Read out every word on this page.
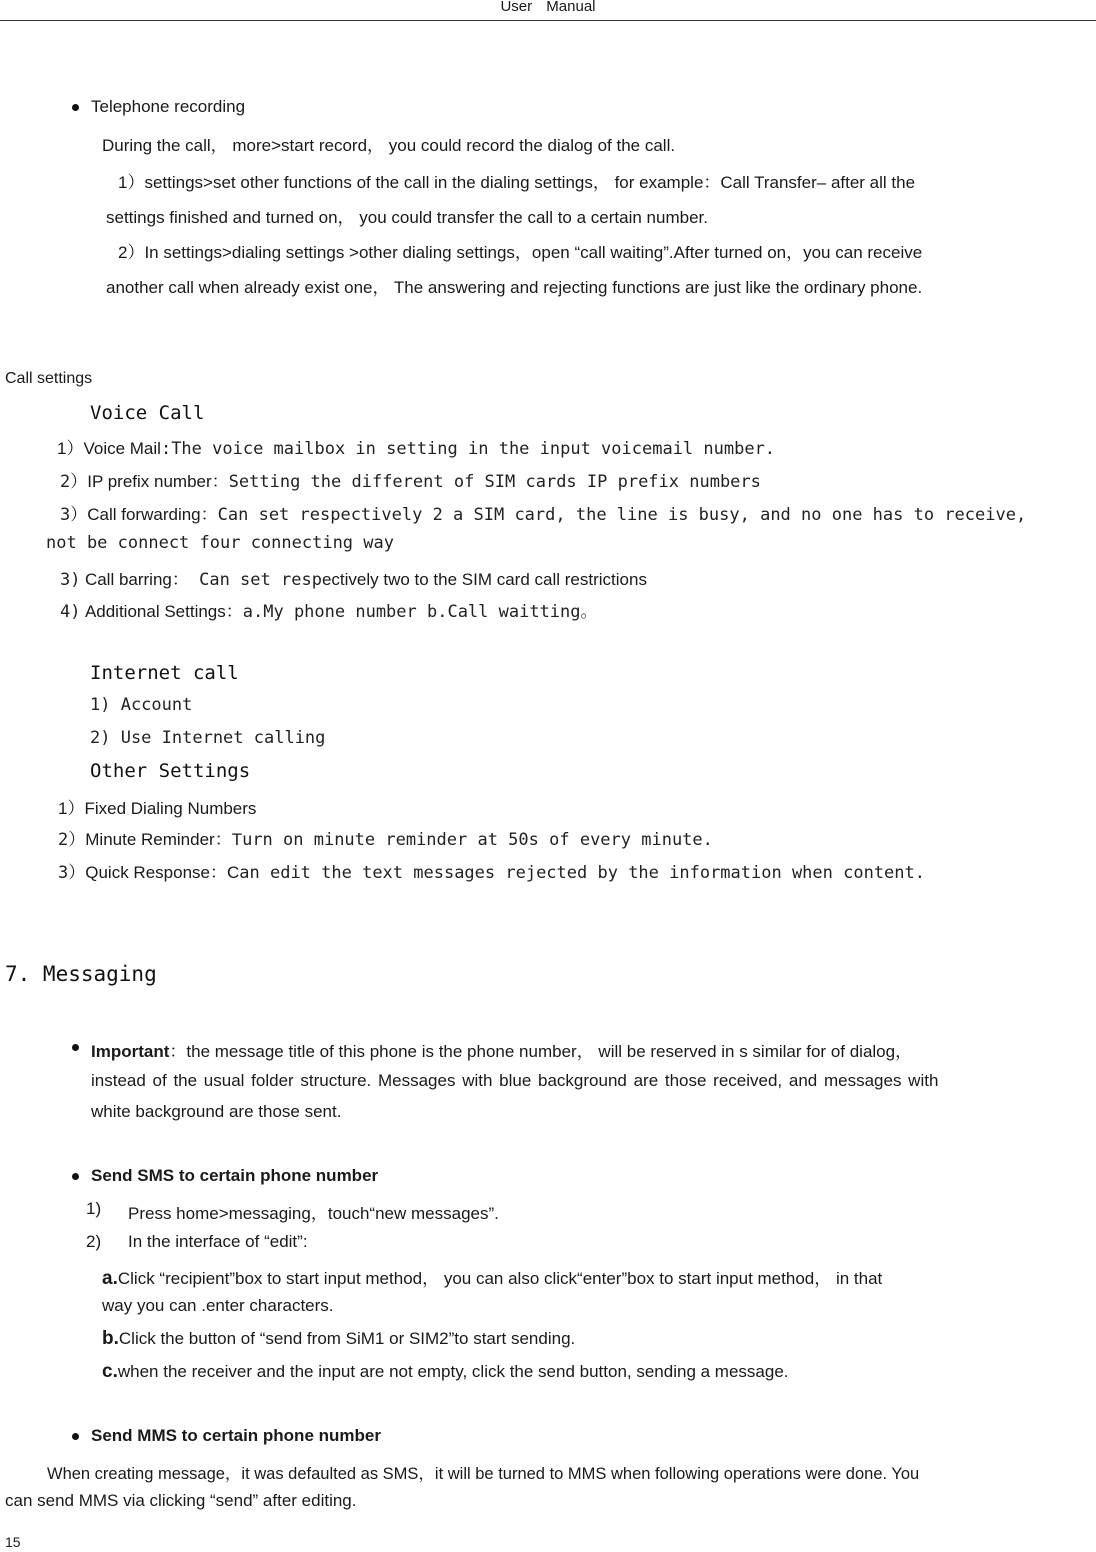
User Manual
Telephone recording
During the call， more>start record， you could record the dialog of the call.
1）settings>set other functions of the call in the dialing settings， for example：Call Transfer– after all the
settings finished and turned on， you could transfer the call to a certain number.
2）In settings>dialing settings >other dialing settings，open “call waiting”.After turned on，you can receive
another call when already exist one， The answering and rejecting functions are just like the ordinary phone.
Call settings
Voice Call
1）Voice Mail:The voice mailbox in setting in the input voicemail number.
2）IP prefix number：Setting the different of SIM cards IP prefix numbers
3）Call forwarding：Can set respectively 2 a SIM card, the line is busy, and no one has to receive,
not be connect four connecting way
3) Call barring： Can set respectively two to the SIM card call restrictions
4) Additional Settings：a.My phone number b.Call waitting。
Internet call
1) Account
2) Use Internet calling
Other Settings
1）Fixed Dialing Numbers
2）Minute Reminder：Turn on minute reminder at 50s of every minute.
3）Quick Response：Can edit the text messages rejected by the information when content.
7. Messaging
Important：the message title of this phone is the phone number， will be reserved in s similar for of dialog，
instead of the usual folder structure. Messages with blue background are those received, and messages with
white background are those sent.
Send SMS to certain phone number
1) Press home>messaging，touch“new messages”.
2) In the interface of “edit”:
a.Click “recipient”box to start input method， you can also click“enter”box to start input method， in that
way you can .enter characters.
b.Click the button of “send from SiM1 or SIM2”to start sending.
c.when the receiver and the input are not empty, click the send button, sending a message.
Send MMS to certain phone number
When creating message，it was defaulted as SMS，it will be turned to MMS when following operations were done. You
can send MMS via clicking “send” after editing.
15
